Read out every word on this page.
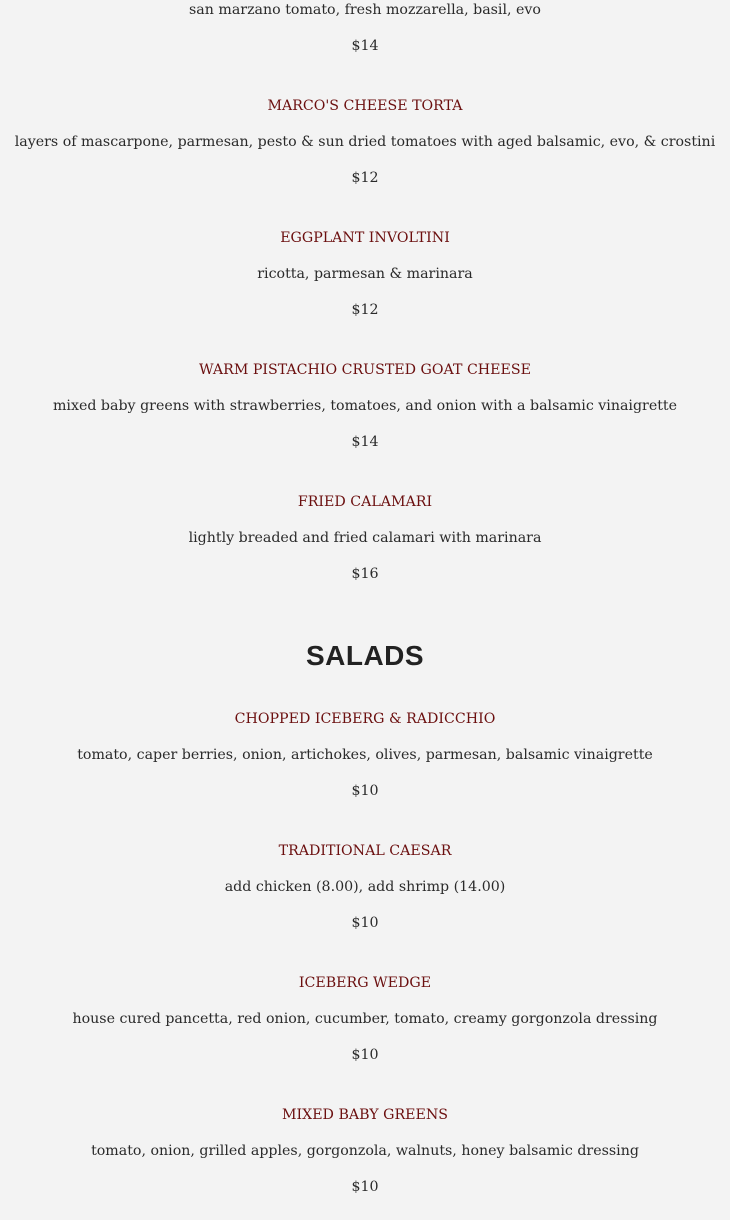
san marzano tomato, fresh mozzarella, basil, evo
$14
MARCO'S CHEESE TORTA
layers of mascarpone, parmesan, pesto & sun dried tomatoes with aged balsamic, evo, & crostini
$12
EGGPLANT INVOLTINI
ricotta, parmesan & marinara
$12
WARM PISTACHIO CRUSTED GOAT CHEESE
mixed baby greens with strawberries, tomatoes, and onion with a balsamic vinaigrette
$14
FRIED CALAMARI
lightly breaded and fried calamari with marinara
$16
SALADS
CHOPPED ICEBERG & RADICCHIO
tomato, caper berries, onion, artichokes, olives, parmesan, balsamic vinaigrette
$10
TRADITIONAL CAESAR
add chicken (8.00), add shrimp (14.00)
$10
ICEBERG WEDGE
house cured pancetta, red onion, cucumber, tomato, creamy gorgonzola dressing
$10
MIXED BABY GREENS
tomato, onion, grilled apples, gorgonzola, walnuts, honey balsamic dressing
$10
